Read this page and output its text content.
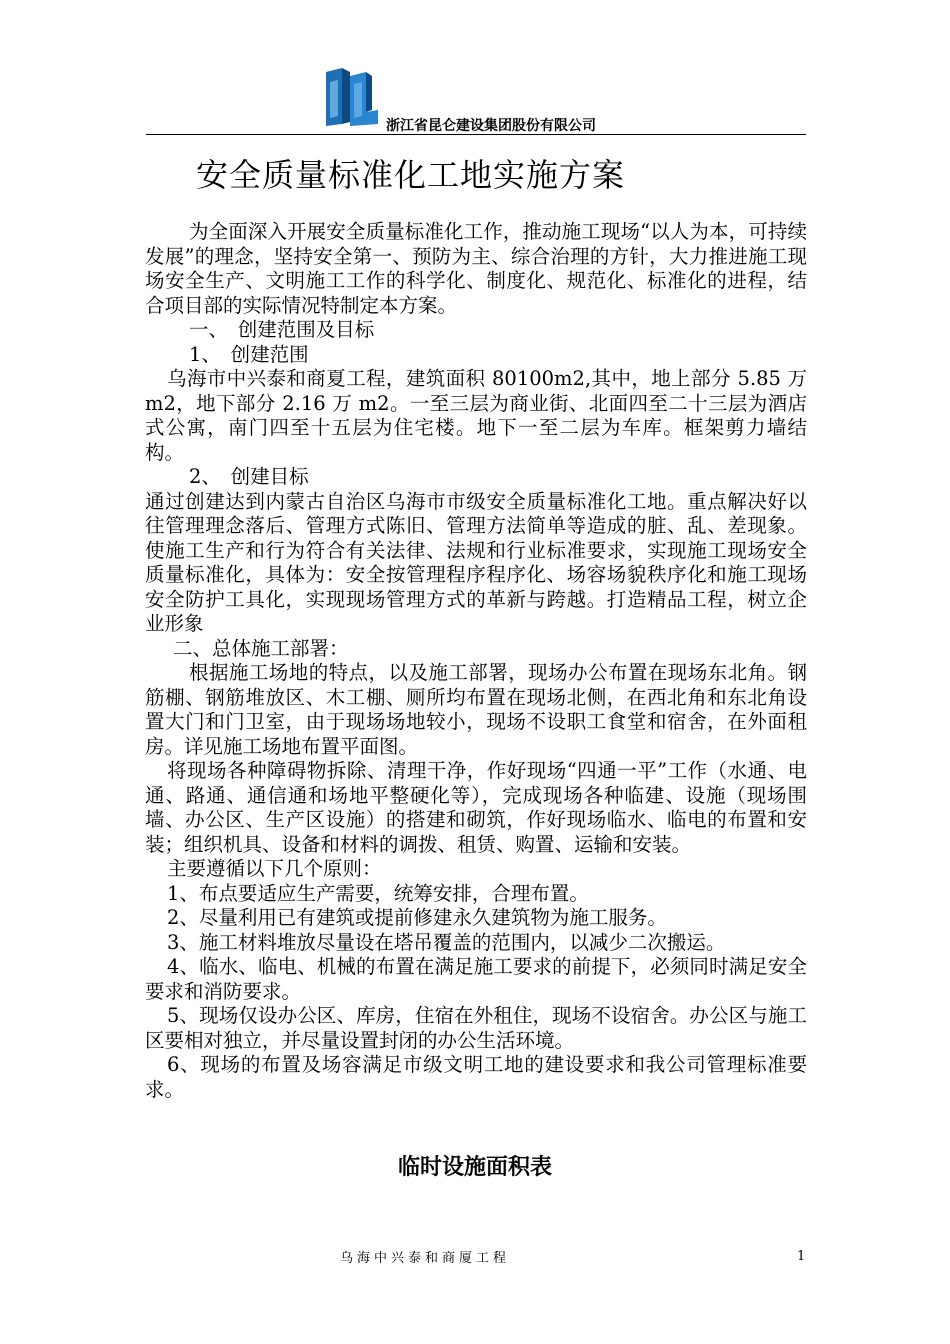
浙江省昆仑建设集团股份有限公司
安全质量标准化工地实施方案

为全面深入开展安全质量标准化工作，推动施工现场“以人为本，可持续发展”的理念，坚持安全第一、预防为主、综合治理的方针，大力推进施工现场安全生产、文明施工工作的科学化、制度化、规范化、标准化的进程，结合项目部的实际情况特制定本方案。

一、　创建范围及目标

1、　创建范围

乌海市中兴泰和商夏工程，建筑面积 80100m2,其中，地上部分 5.85 万 m2，地下部分 2.16 万 m2。一至三层为商业街、北面四至二十三层为酒店式公寓，南门四至十五层为住宅楼。地下一至二层为车库。框架剪力墙结构。

2、　创建目标

通过创建达到内蒙古自治区乌海市市级安全质量标准化工地。重点解决好以往管理理念落后、管理方式陈旧、管理方法简单等造成的脏、乱、差现象。使施工生产和行为符合有关法律、法规和行业标准要求，实现施工现场安全质量标准化，具体为：安全按管理程序程序化、场容场貌秩序化和施工现场安全防护工具化，实现现场管理方式的革新与跨越。打造精品工程，树立企业形象

二、总体施工部署：

根据施工场地的特点，以及施工部署，现场办公布置在现场东北角。钢筋棚、钢筋堆放区、木工棚、厕所均布置在现场北侧，在西北角和东北角设置大门和门卫室，由于现场场地较小，现场不设职工食堂和宿舍，在外面租房。详见施工场地布置平面图。

将现场各种障碍物拆除、清理干净，作好现场“四通一平”工作（水通、电通、路通、通信通和场地平整硬化等），完成现场各种临建、设施（现场围墙、办公区、生产区设施）的搭建和砌筑，作好现场临水、临电的布置和安装；组织机具、设备和材料的调拨、租赁、购置、运输和安装。

主要遵循以下几个原则：

1、布点要适应生产需要，统筹安排，合理布置。

2、尽量利用已有建筑或提前修建永久建筑物为施工服务。

3、施工材料堆放尽量设在塔吊覆盖的范围内，以减少二次搬运。

4、临水、临电、机械的布置在满足施工要求的前提下，必须同时满足安全要求和消防要求。

5、现场仅设办公区、库房，住宿在外租住，现场不设宿舍。办公区与施工区要相对独立，并尽量设置封闭的办公生活环境。

6、现场的布置及场容满足市级文明工地的建设要求和我公司管理标准要求。

临时设施面积表
乌海中兴泰和商厦工程	1
